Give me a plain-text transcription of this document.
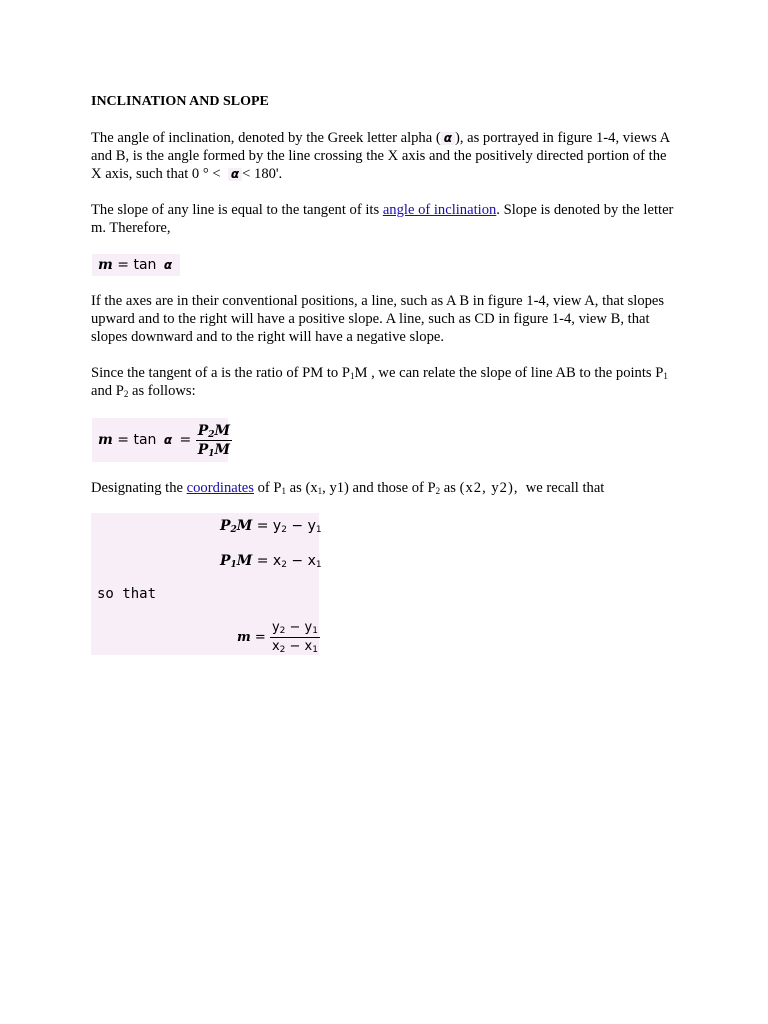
INCLINATION AND SLOPE

The angle of inclination, denoted by the Greek letter alpha ( α ), as portrayed in figure 1-4, views A and B, is the angle formed by the line crossing the X axis and the positively directed portion of the X axis, such that 0 ° < α < 180'.

The slope of any line is equal to the tangent of its angle of inclination. Slope is denoted by the letter m. Therefore,

m = tan α

If the axes are in their conventional positions, a line, such as A B in figure 1-4, view A, that slopes upward and to the right will have a positive slope. A line, such as CD in figure 1-4, view B, that slopes downward and to the right will have a negative slope.

Since the tangent of a is the ratio of PM to $P_1M$ , we can relate the slope of line AB to the points $P_1$ and $P_2$ as follows:

$m = \tan \alpha = \frac{P_2M}{P_1M}$

Designating the coordinates of $P_1$ as ($x_1$, y1) and those of $P_2$ as (x2, y2),  we recall that

$P_2M = y_2 - y_1$
$P_1M = x_2 - x_1$
so that
$m = \frac{y_2 - y_1}{x_2 - x_1}$
